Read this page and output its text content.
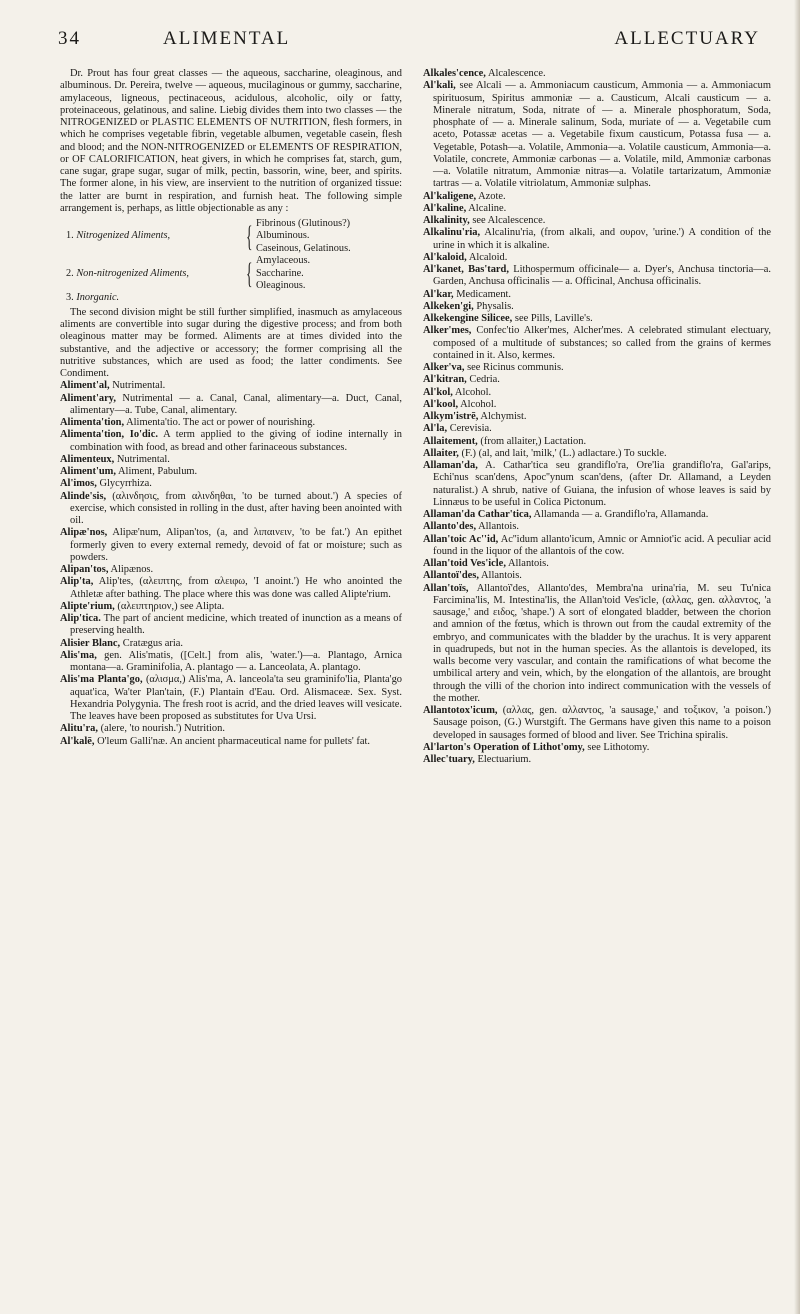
34	ALIMENTAL	ALLECTUARY

Dr. Prout has four great classes — the aqueous, saccharine, oleaginous, and albuminous. Dr. Pereira, twelve — aqueous, mucilaginous or gummy, saccharine, amylaceous, ligneous, pectinaceous, acidulous, alcoholic, oily or fatty, proteinaceous, gelatinous, and saline. Liebig divides them into two classes — the NITROGENIZED or PLASTIC ELEMENTS OF NUTRITION, flesh formers, in which he comprises vegetable fibrin, vegetable albumen, vegetable casein, flesh and blood; and the NON-NITROGENIZED or ELEMENTS OF RESPIRATION, or OF CALORIFICATION, heat givers, in which he comprises fat, starch, gum, cane sugar, grape sugar, sugar of milk, pectin, bassorin, wine, beer, and spirits. The former alone, in his view, are inservient to the nutrition of organized tissue: the latter are burnt in respiration, and furnish heat. The following simple arrangement is, perhaps, as little objectionable as any :

1. Nitrogenized Aliments,	{ Fibrinous (Glutinous?)
Albuminous.
Caseinous, Gelatinous.
2. Non-nitrogenized Aliments,	{ Amylaceous.
Saccharine.
Oleaginous.
3. Inorganic.

The second division might be still further simplified, inasmuch as amylaceous aliments are convertible into sugar during the digestive process; and from both oleaginous matter may be formed. Aliments are at times divided into the substantive, and the adjective or accessory; the former comprising all the nutritive substances, which are used as food; the latter condiments. See Condiment.

Aliment'al, Nutrimental.

Aliment'ary, Nutrimental — a. Canal, Canal, alimentary—a. Duct, Canal, alimentary—a. Tube, Canal, alimentary.

Alimenta'tion, Alimenta'tio. The act or power of nourishing.

Alimenta'tion, Io'dic. A term applied to the giving of iodine internally in combination with food, as bread and other farinaceous substances.

Alimenteux, Nutrimental.

Aliment'um, Aliment, Pabulum.

Al'imos, Glycyrrhiza.

Alinde'sis, (αλινδησις, from αλινδηθαι, 'to be turned about.') A species of exercise, which consisted in rolling in the dust, after having been anointed with oil.

Alipæ'nos, Alipæ'num, Alipan'tos, (a, and λιπαινειν, 'to be fat.') An epithet formerly given to every external remedy, devoid of fat or moisture; such as powders.

Alipan'tos, Alipænos.

Alip'ta, Alip'tes, (αλειπτης, from αλειφω, 'I anoint.') He who anointed the Athletæ after bathing. The place where this was done was called Alipte'rium.

Alipte'rium, (αλειπτηριον,) see Alipta.

Alip'tica. The part of ancient medicine, which treated of inunction as a means of preserving health.

Alisier Blanc, Cratægus aria.

Alis'ma, gen. Alis'matis, ([Celt.] from alis, 'water.')—a. Plantago, Arnica montana—a. Graminifolia, A. plantago — a. Lanceolata, A. plantago.

Alis'ma Planta'go, (αλισμα,) Alis'ma, A. lanceola'ta seu graminifo'lia, Planta'go aquat'ica, Wa'ter Plan'tain, (F.) Plantain d'Eau. Ord. Alismaceæ. Sex. Syst. Hexandria Polygynia. The fresh root is acrid, and the dried leaves will vesicate. The leaves have been proposed as substitutes for Uva Ursi.

Alitu'ra, (alere, 'to nourish.') Nutrition.

Al'kalē, O'leum Galli'næ. An ancient pharmaceutical name for pullets' fat.

Alkales'cence, Alcalescence.

Al'kali, see Alcali — a. Ammoniacum causticum, Ammonia — a. Ammoniacum spirituosum, Spiritus ammoniæ — a. Causticum, Alcali causticum — a. Minerale nitratum, Soda, nitrate of — a. Minerale phosphoratum, Soda, phosphate of — a. Minerale salinum, Soda, muriate of — a. Vegetabile cum aceto, Potassæ acetas — a. Vegetabile fixum causticum, Potassa fusa — a. Vegetable, Potash—a. Volatile, Ammonia—a. Volatile causticum, Ammonia—a. Volatile, concrete, Ammoniæ carbonas — a. Volatile, mild, Ammoniæ carbonas —a. Volatile nitratum, Ammoniæ nitras—a. Volatile tartarizatum, Ammoniæ tartras — a. Volatile vitriolatum, Ammoniæ sulphas.

Al'kaligene, Azote.

Al'kaline, Alcaline.

Alkalinity, see Alcalescence.

Alkalinu'ria, Alcalinu'ria, (from alkali, and ουρον, 'urine.') A condition of the urine in which it is alkaline.

Al'kaloid, Alcaloid.

Al'kanet, Bas'tard, Lithospermum officinale— a. Dyer's, Anchusa tinctoria—a. Garden, Anchusa officinalis — a. Officinal, Anchusa officinalis.

Al'kar, Medicament.

Alkeken'gi, Physalis.

Alkekengine Siliceе, see Pills, Laville's.

Alker'mes, Confec'tio Alker'mes, Alcher'mes. A celebrated stimulant electuary, composed of a multitude of substances; so called from the grains of kermes contained in it. Also, kermes.

Alker'va, see Ricinus communis.

Al'kitran, Cedria.

Al'kol, Alcohol.

Al'kool, Alcohol.

Alkym'istrē, Alchymist.

Al'la, Cerevisia.

Allaitement, (from allaiter,) Lactation.

Allaiter, (F.) (al, and lait, 'milk,' (L.) adlactare.) To suckle.

Allaman'da, A. Cathar'tica seu grandiflo'ra, Ore'lia grandiflo'ra, Gal'arips, Echi'nus scan'dens, Apoc''ynum scan'dens, (after Dr. Allamand, a Leyden naturalist.) A shrub, native of Guiana, the infusion of whose leaves is said by Linnæus to be useful in Colica Pictonum.

Allaman'da Cathar'tica, Allamanda — a. Grandiflo'ra, Allamanda.

Allanto'des, Allantois.

Allan'toic Ac''id, Ac''idum allanto'icum, Amnic or Amniot'ic acid. A peculiar acid found in the liquor of the allantois of the cow.

Allan'toid Ves'icle, Allantois.

Allantoï'des, Allantois.

Allan'toïs, Allantoï'des, Allanto'des, Membra'na urina'ria, M. seu Tu'nica Farcimina'lis, M. Intestina'lis, the Allan'toid Ves'icle, (αλλας, gen. αλλαντος, 'a sausage,' and ειδος, 'shape.') A sort of elongated bladder, between the chorion and amnion of the fœtus, which is thrown out from the caudal extremity of the embryo, and communicates with the bladder by the urachus. It is very apparent in quadrupeds, but not in the human species. As the allantois is developed, its walls become very vascular, and contain the ramifications of what become the umbilical artery and vein, which, by the elongation of the allantois, are brought through the villi of the chorion into indirect communication with the vessels of the mother.

Allantotox'icum, (αλλας, gen. αλλαντος, 'a sausage,' and τοξικον, 'a poison.') Sausage poison, (G.) Wurstgift. The Germans have given this name to a poison developed in sausages formed of blood and liver. See Trichina spiralis.

Al'larton's Operation of Lithot'omy, see Lithotomy.

Allec'tuary, Electuarium.
